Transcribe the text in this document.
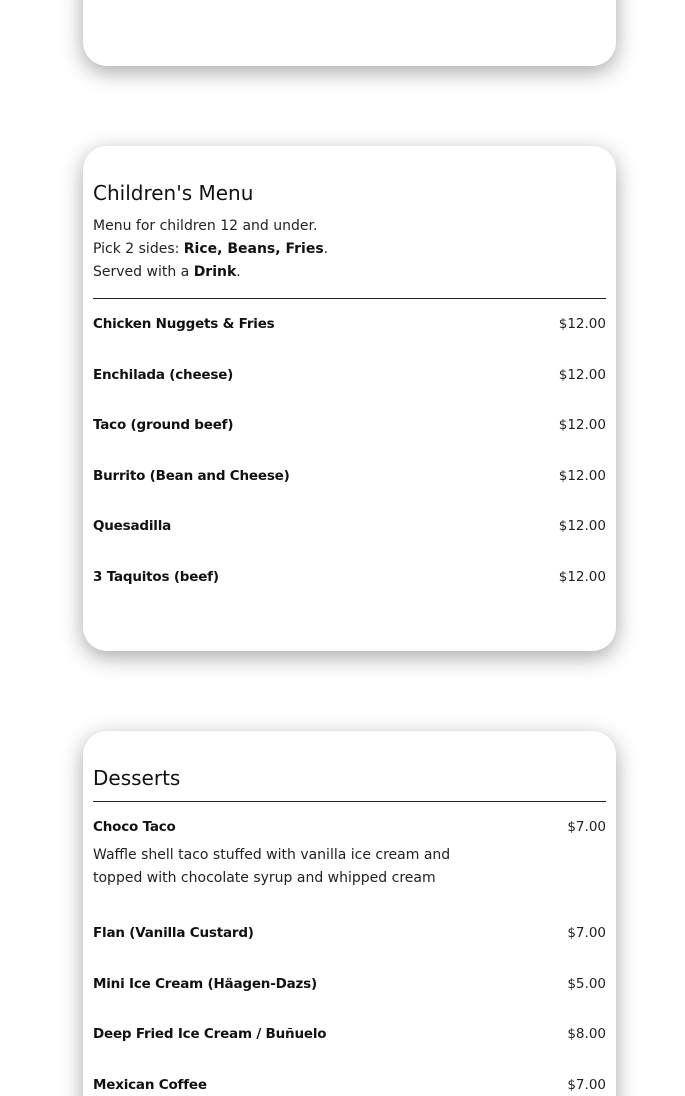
Children's Menu
Menu for children 12 and under.
Pick 2 sides: Rice, Beans, Fries.
Served with a Drink.
Chicken Nuggets & Fries	$12.00
Enchilada (cheese)	$12.00
Taco (ground beef)	$12.00
Burrito (Bean and Cheese)	$12.00
Quesadilla	$12.00
3 Taquitos (beef)	$12.00
Desserts
Choco Taco	$7.00
Waffle shell taco stuffed with vanilla ice cream and topped with chocolate syrup and whipped cream
Flan (Vanilla Custard)	$7.00
Mini Ice Cream (Häagen-Dazs)	$5.00
Deep Fried Ice Cream / Buñuelo	$8.00
Mexican Coffee	$7.00
